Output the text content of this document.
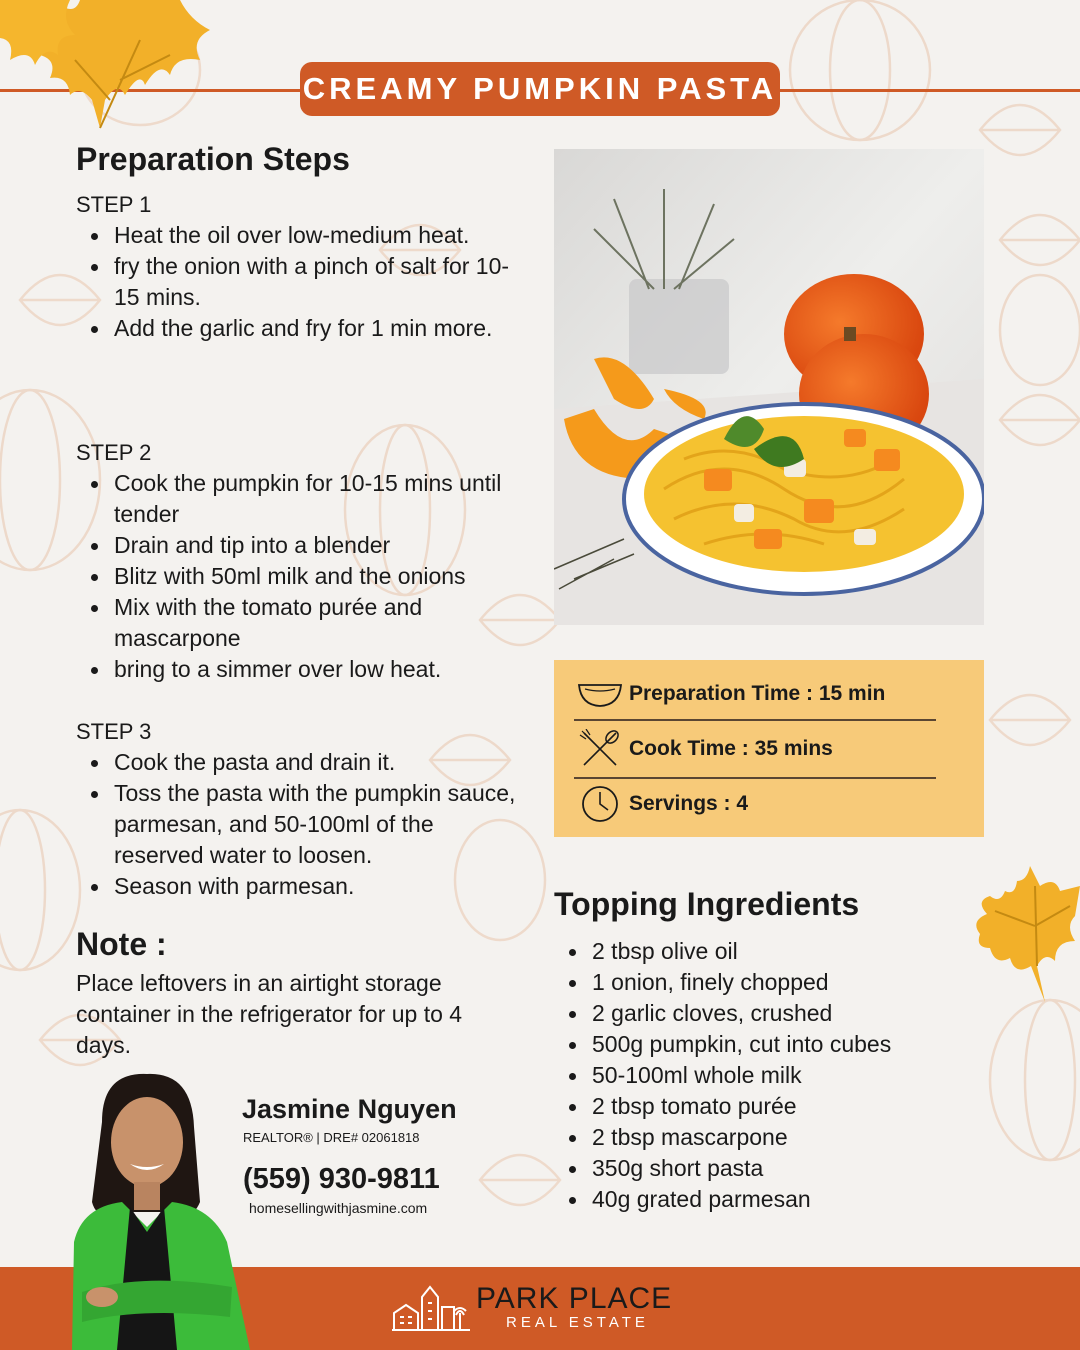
CREAMY PUMPKIN PASTA
Preparation Steps
STEP 1
Heat the oil over low-medium heat.
fry the onion with a pinch of salt for 10-15 mins.
Add the garlic and fry for 1 min more.
STEP 2
Cook the pumpkin for 10-15 mins until tender
Drain and tip into a blender
Blitz with 50ml milk and the onions
Mix with the tomato purée and mascarpone
bring to a simmer over low heat.
STEP 3
Cook the pasta and drain it.
Toss the pasta with the pumpkin sauce, parmesan, and 50-100ml of the reserved water to loosen.
Season with parmesan.
Note :
Place leftovers in an airtight storage container in the refrigerator for up to 4 days.
Preparation Time : 15 min
Cook Time : 35 mins
Servings : 4
Topping Ingredients
2 tbsp olive oil
1 onion, finely chopped
2 garlic cloves, crushed
500g pumpkin, cut into cubes
50-100ml whole milk
2 tbsp tomato purée
2 tbsp mascarpone
350g short pasta
40g grated parmesan
Jasmine Nguyen
REALTOR® | DRE# 02061818
(559) 930-9811
homesellingwithjasmine.com
PARK PLACE
REAL ESTATE
